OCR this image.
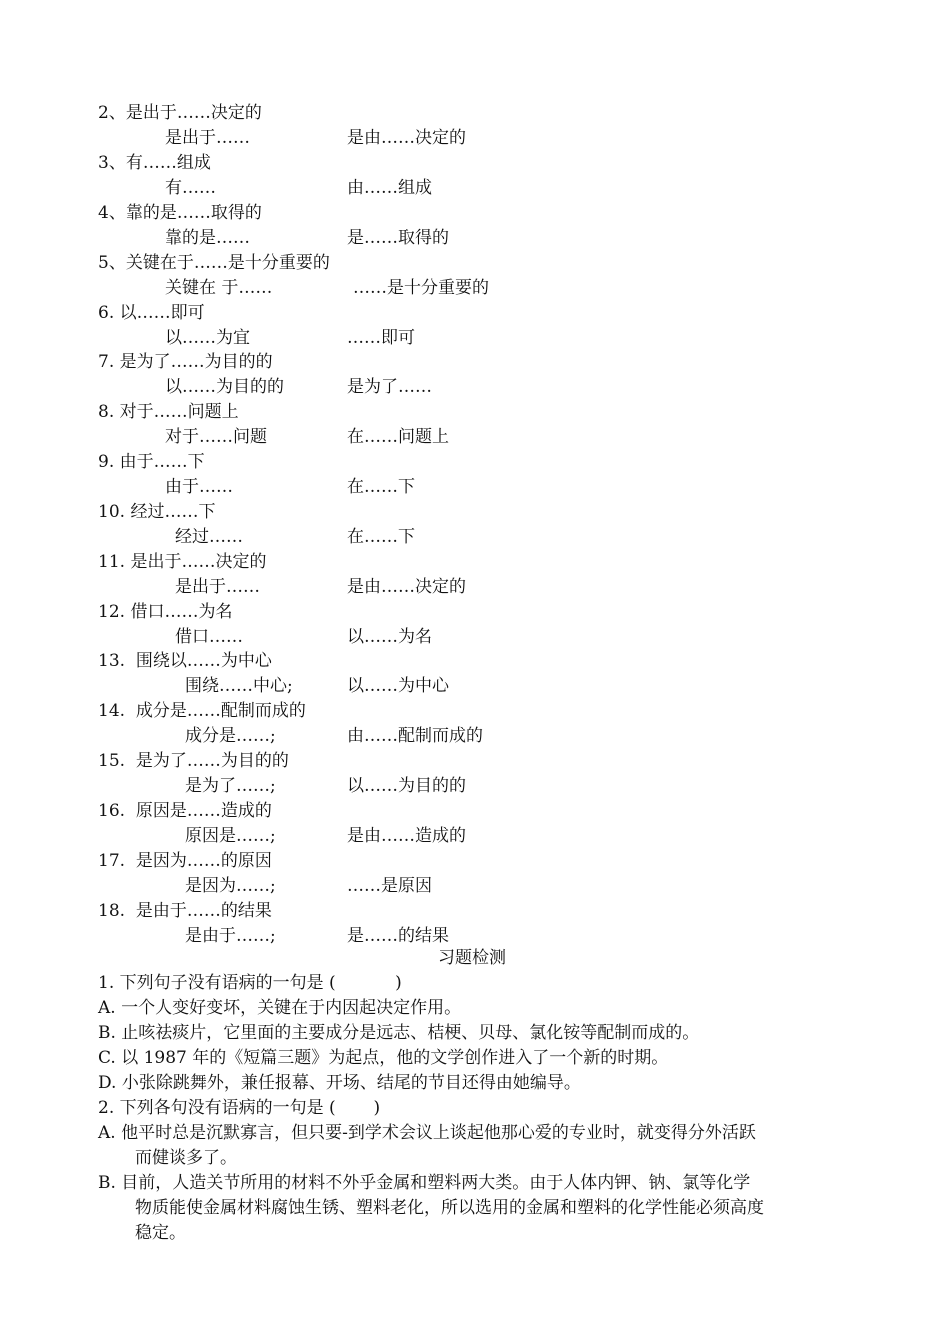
2、是出于……决定的
是出于……	是由……决定的
3、有……组成
有……	由……组成
4、靠的是……取得的
靠的是……	是……取得的
5、关键在于……是十分重要的
关键在 于……	……是十分重要的
6. 以……即可
以……为宜	……即可
7. 是为了……为目的的
以……为目的的	是为了……
8. 对于……问题上
对于……问题	在……问题上
9. 由于……下
由于……	在……下
10. 经过……下
经过……	在……下
11. 是出于……决定的
是出于……	是由……决定的
12. 借口……为名
借口……	以……为名
13.  围绕以……为中心
围绕……中心;	以……为中心
14.  成分是……配制而成的
成分是……;	由……配制而成的
15.  是为了……为目的的
是为了……;	以……为目的的
16.  原因是……造成的
原因是……;	是由……造成的
17.  是因为……的原因
是因为……;	……是原因
18.  是由于……的结果
是由于……;	是……的结果
习题检测
1. 下列句子没有语病的一句是 (           )
A. 一个人变好变坏，关键在于内因起决定作用。
B. 止咳祛痰片，它里面的主要成分是远志、桔梗、贝母、氯化铵等配制而成的。
C. 以 1987 年的《短篇三题》为起点，他的文学创作进入了一个新的时期。
D. 小张除跳舞外，兼任报幕、开场、结尾的节目还得由她编导。
2. 下列各句没有语病的一句是 (       )
A. 他平时总是沉默寡言，但只要-到学术会议上谈起他那心爱的专业时，就变得分外活跃
而健谈多了。
B. 目前，人造关节所用的材料不外乎金属和塑料两大类。由于人体内钾、钠、氯等化学
物质能使金属材料腐蚀生锈、塑料老化，所以选用的金属和塑料的化学性能必须高度
稳定。
